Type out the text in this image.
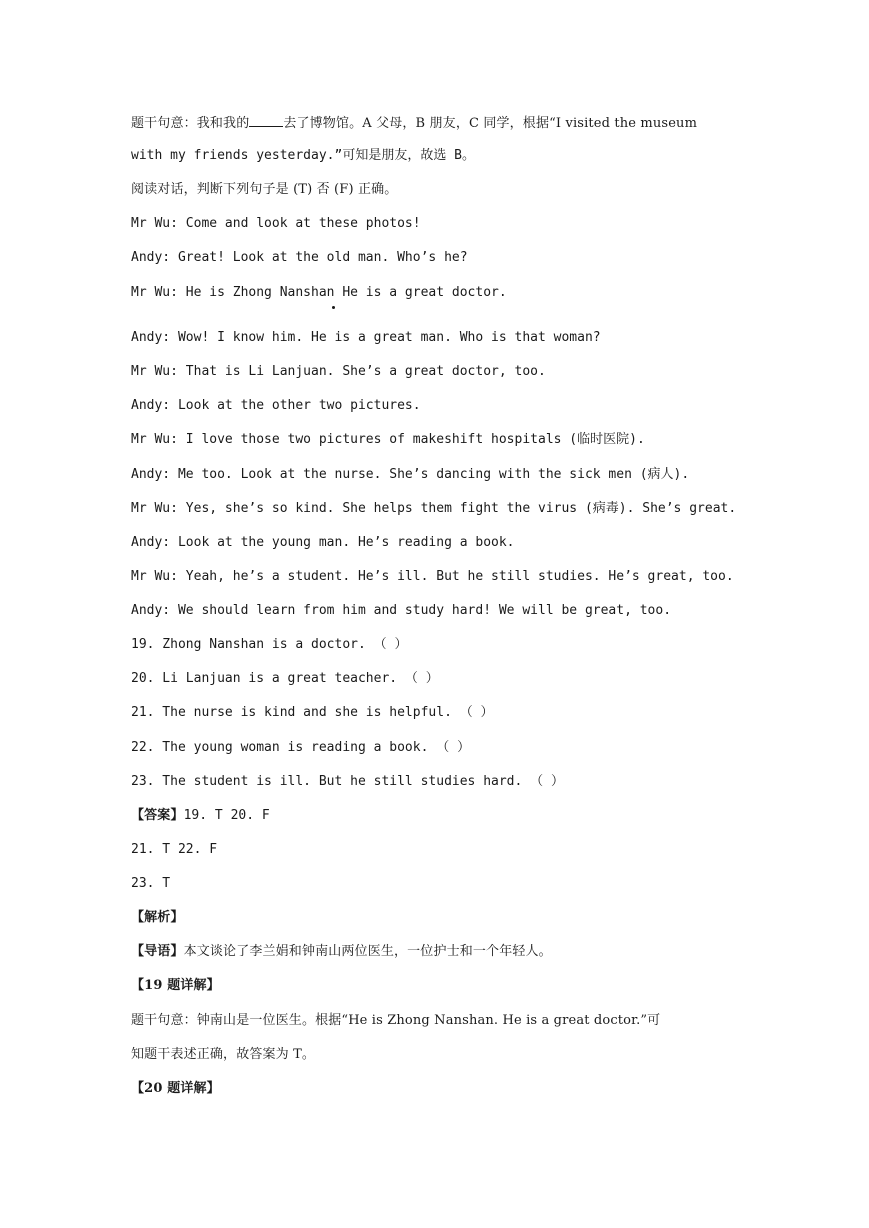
题干句意：我和我的	去了博物馆。A 父母，B 朋友，C 同学，根据“I visited the museum
with my friends yesterday.”可知是朋友，故选 B。
阅读对话，判断下列句子是 (T) 否 (F) 正确。
Mr Wu: Come and look at these photos!
Andy: Great! Look at the old man. Who’s he?
Mr Wu: He is Zhong Nanshan He is a great doctor.
Andy: Wow! I know him. He is a great man. Who is that woman?
Mr Wu: That is Li Lanjuan. She’s a great doctor, too.
Andy: Look at the other two pictures.
Mr Wu: I love those two pictures of makeshift hospitals (临时医院).
Andy: Me too. Look at the nurse. She’s dancing with the sick men (病人).
Mr Wu: Yes, she’s so kind. She helps them fight the virus (病毒). She’s great.
Andy: Look at the young man. He’s reading a book.
Mr Wu: Yeah, he’s a student. He’s ill. But he still studies. He’s great, too.
Andy: We should learn from him and study hard! We will be great, too.
19. Zhong Nanshan is a doctor. （ ）
20. Li Lanjuan is a great teacher. （ ）
21. The nurse is kind and she is helpful. （ ）
22. The young woman is reading a book. （ ）
23. The student is ill. But he still studies hard. （ ）
【答案】19. T 20. F
21. T 22. F
23. T
【解析】
【导语】本文谈论了李兰娟和钟南山两位医生，一位护士和一个年轻人。
【19 题详解】
题干句意：钟南山是一位医生。根据“He is Zhong Nanshan. He is a great doctor.”可
知题干表述正确，故答案为 T。
【20 题详解】
